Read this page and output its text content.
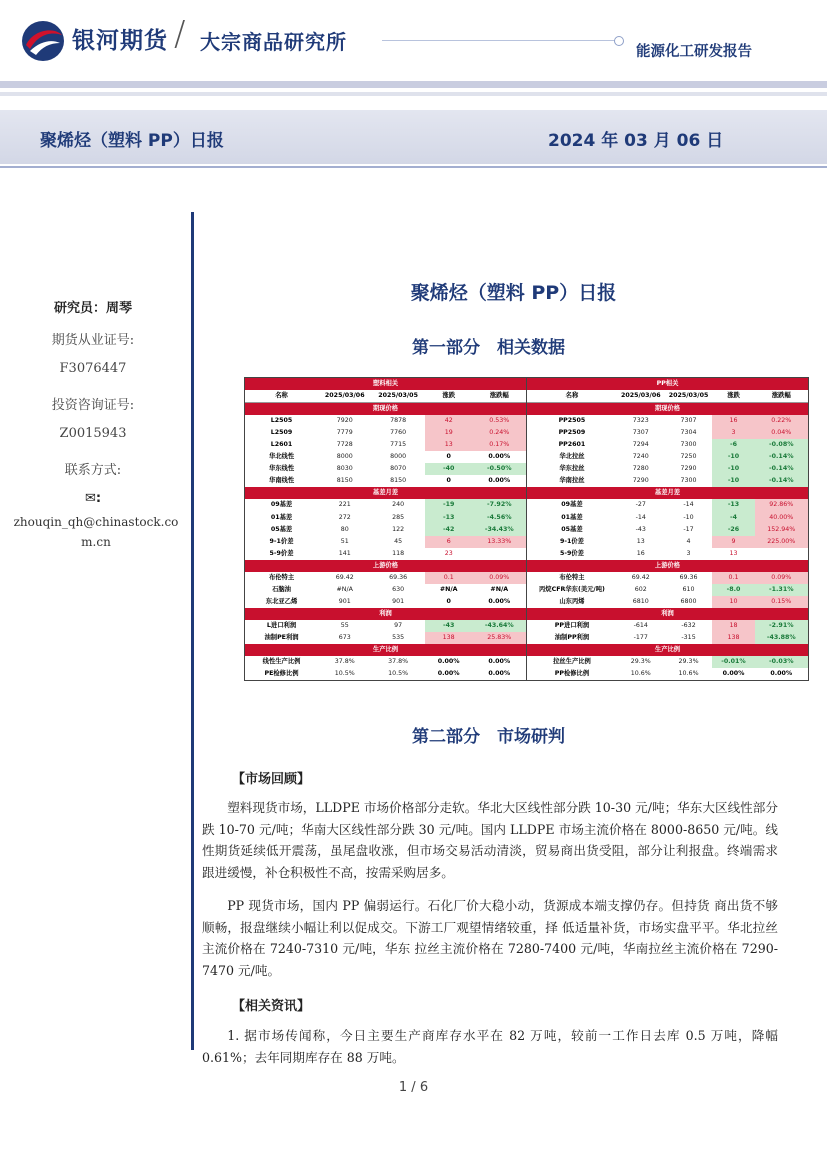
银河期货 / 大宗商品研究所	能源化工研发报告
聚烯烃（塑料 PP）日报	2024 年 03 月 06 日
研究员：周琴
期货从业证号:
F3076447
投资咨询证号:
Z0015943
联系方式:
✉:
zhouqin_qh@chinastock.com.cn
聚烯烃（塑料 PP）日报
第一部分　相关数据
塑料相关				
名称	2025/03/06	2025/03/05	涨跌	涨跌幅
期现价格				
L2505	7920	7878	42	0.53%
L2509	7779	7760	19	0.24%
L2601	7728	7715	13	0.17%
华北线性	8000	8000	0	0.00%
华东线性	8030	8070	-40	-0.50%
华南线性	8150	8150	0	0.00%
基差月差				
09基差	221	240	-19	-7.92%
01基差	272	285	-13	-4.56%
05基差	80	122	-42	-34.43%
9-1价差	51	45	6	13.33%
5-9价差	141	118	23	
上游价格				
布伦特主	69.42	69.36	0.1	0.09%
石脑油	#N/A	630	#N/A	#N/A
东北亚乙烯	901	901	0	0.00%
利润				
L进口利润	55	97	-43	-43.64%
油制PE利润	673	535	138	25.83%
生产比例				
线性生产比例	37.8%	37.8%	0.00%	0.00%
PE检修比例	10.5%	10.5%	0.00%	0.00%
PP相关				
名称	2025/03/06	2025/03/05	涨跌	涨跌幅
期现价格				
PP2505	7323	7307	16	0.22%
PP2509	7307	7304	3	0.04%
PP2601	7294	7300	-6	-0.08%
华北拉丝	7240	7250	-10	-0.14%
华东拉丝	7280	7290	-10	-0.14%
华南拉丝	7290	7300	-10	-0.14%
基差月差				
09基差	-27	-14	-13	92.86%
01基差	-14	-10	-4	40.00%
05基差	-43	-17	-26	152.94%
9-1价差	13	4	9	225.00%
5-9价差	16	3	13	
上游价格				
布伦特主	69.42	69.36	0.1	0.09%
丙烷CFR华东(美元/吨)	602	610	-8.0	-1.31%
山东丙烯	6810	6800	10	0.15%
利润				
PP进口利润	-614	-632	18	-2.91%
油制PP利润	-177	-315	138	-43.88%
生产比例				
拉丝生产比例	29.3%	29.3%	-0.01%	-0.03%
PP检修比例	10.6%	10.6%	0.00%	0.00%
第二部分　市场研判
【市场回顾】
塑料现货市场，LLDPE 市场价格部分走软。华北大区线性部分跌 10-30 元/吨；华东大区线性部分跌 10-70 元/吨；华南大区线性部分跌 30 元/吨。国内 LLDPE 市场主流价格在 8000-8650 元/吨。线性期货延续低开震荡，虽尾盘收涨，但市场交易活动清淡，贸易商出货受阻，部分让利报盘。终端需求跟进缓慢，补仓积极性不高，按需采购居多。
PP 现货市场，国内 PP 偏弱运行。石化厂价大稳小动，货源成本端支撑仍存。但持货 商出货不够顺畅，报盘继续小幅让利以促成交。下游工厂观望情绪较重，择 低适量补货，市场实盘平平。华北拉丝主流价格在 7240-7310 元/吨，华东 拉丝主流价格在 7280-7400 元/吨，华南拉丝主流价格在 7290-7470 元/吨。
【相关资讯】
1. 据市场传闻称，今日主要生产商库存水平在 82 万吨，较前一工作日去库 0.5 万吨，降幅 0.61%；去年同期库存在 88 万吨。
1 / 6
